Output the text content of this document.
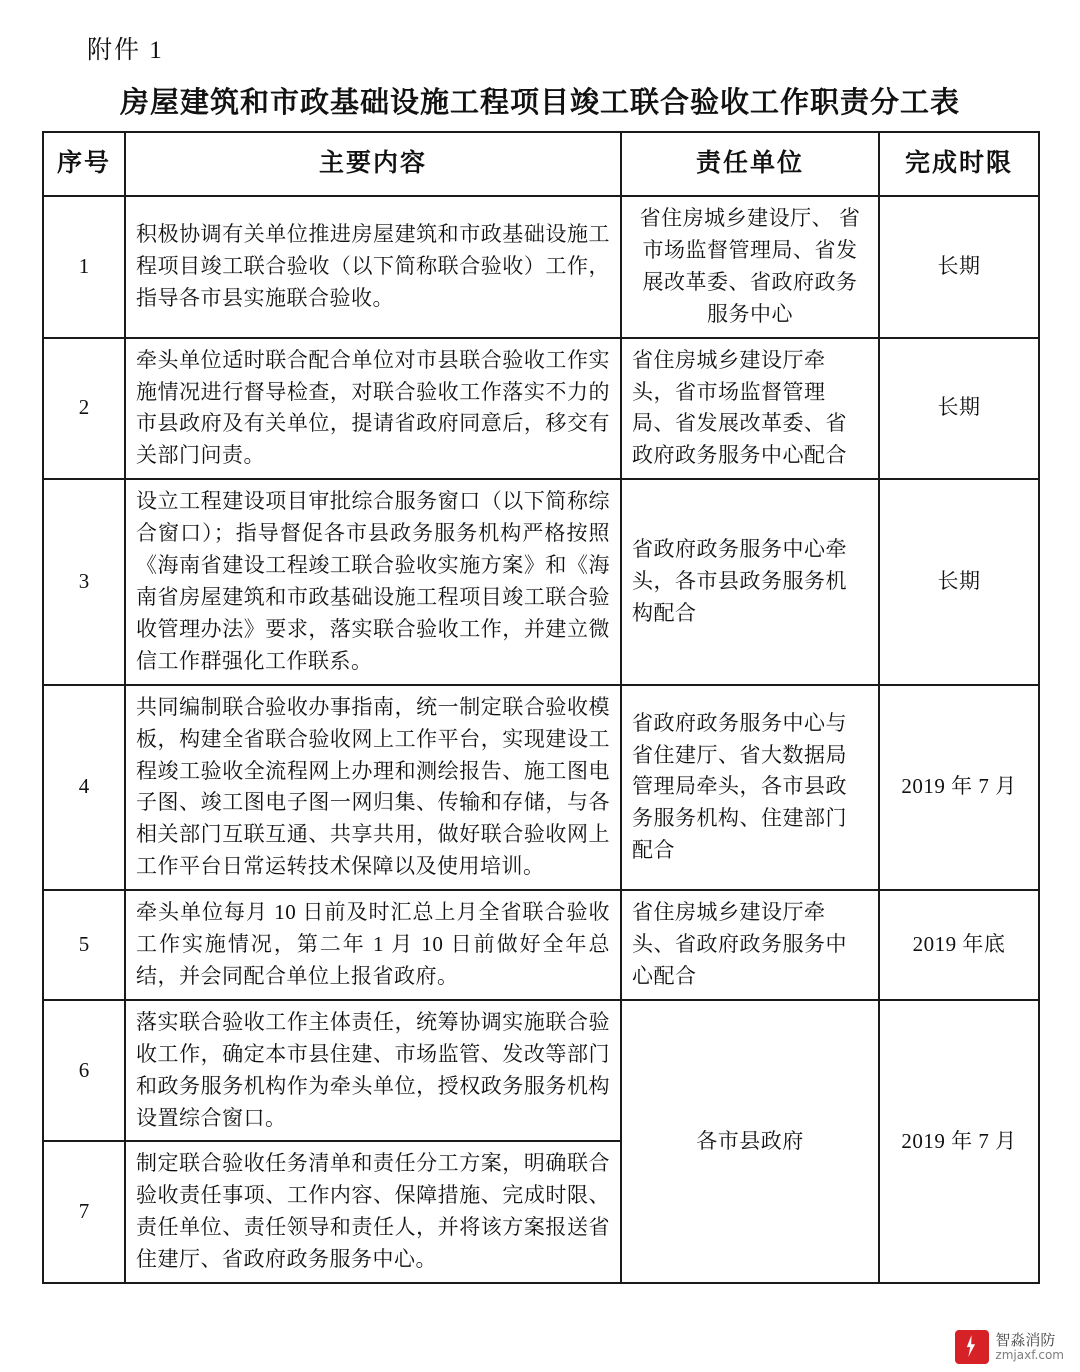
附件 1
房屋建筑和市政基础设施工程项目竣工联合验收工作职责分工表
序号	主要内容	责任单位	完成时限
1	积极协调有关单位推进房屋建筑和市政基础设施工程项目竣工联合验收（以下简称联合验收）工作，指导各市县实施联合验收。	省住房城乡建设厅、 省市场监督管理局、省发展改革委、省政府政务服务中心	长期
2	牵头单位适时联合配合单位对市县联合验收工作实施情况进行督导检查，对联合验收工作落实不力的市县政府及有关单位，提请省政府同意后，移交有关部门问责。	省住房城乡建设厅牵头，省市场监督管理局、省发展改革委、省政府政务服务中心配合	长期
3	设立工程建设项目审批综合服务窗口（以下简称综合窗口）；指导督促各市县政务服务机构严格按照《海南省建设工程竣工联合验收实施方案》和《海南省房屋建筑和市政基础设施工程项目竣工联合验收管理办法》要求，落实联合验收工作，并建立微信工作群强化工作联系。	省政府政务服务中心牵头，各市县政务服务机构配合	长期
4	共同编制联合验收办事指南，统一制定联合验收模板，构建全省联合验收网上工作平台，实现建设工程竣工验收全流程网上办理和测绘报告、施工图电子图、竣工图电子图一网归集、传输和存储，与各相关部门互联互通、共享共用，做好联合验收网上工作平台日常运转技术保障以及使用培训。	省政府政务服务中心与省住建厅、省大数据局管理局牵头，各市县政务服务机构、住建部门配合	2019 年 7 月
5	牵头单位每月 10 日前及时汇总上月全省联合验收工作实施情况，第二年 1 月 10 日前做好全年总结，并会同配合单位上报省政府。	省住房城乡建设厅牵头、省政府政务服务中心配合	2019 年底
6	落实联合验收工作主体责任，统筹协调实施联合验收工作，确定本市县住建、市场监管、发改等部门和政务服务机构作为牵头单位，授权政务服务机构设置综合窗口。	各市县政府	2019 年 7 月
7	制定联合验收任务清单和责任分工方案，明确联合验收责任事项、工作内容、保障措施、完成时限、责任单位、责任领导和责任人，并将该方案报送省住建厅、省政府政务服务中心。		
智淼消防
zmjaxf.com
